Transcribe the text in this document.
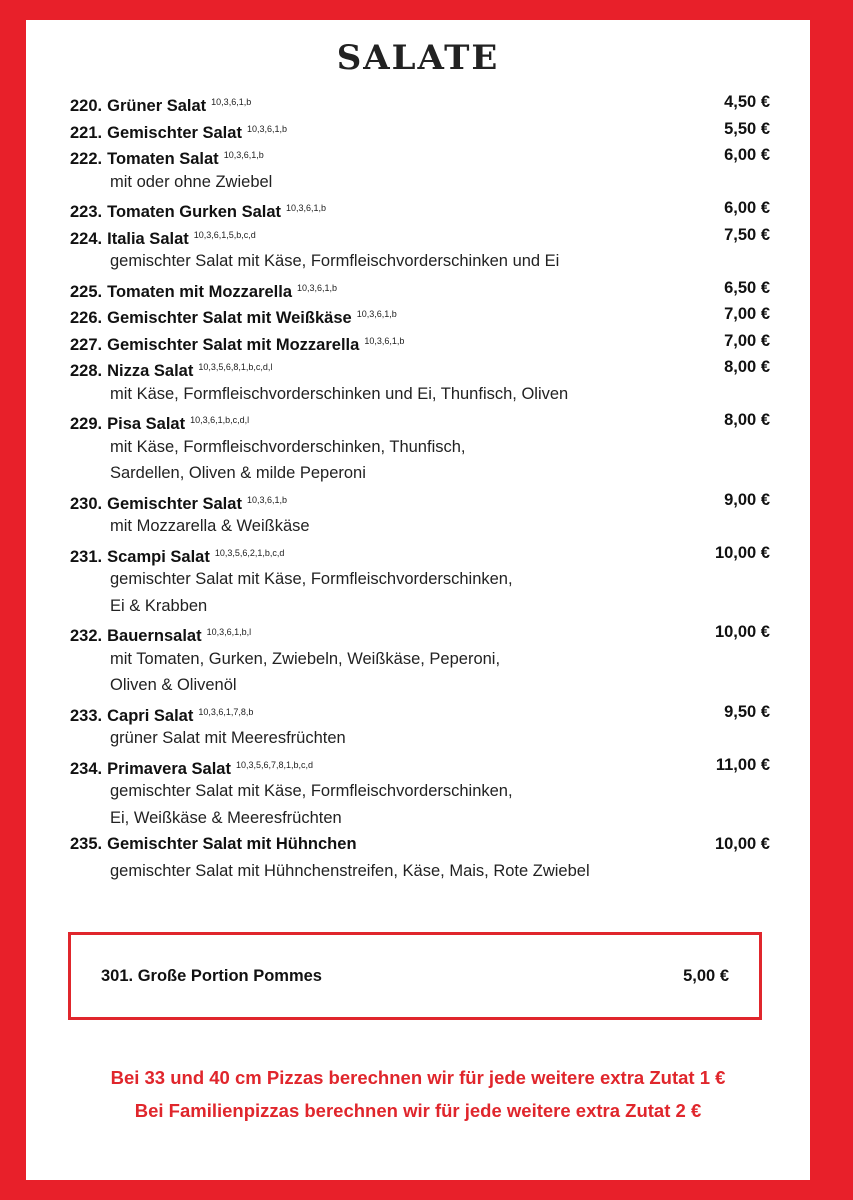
SALATE
220. Grüner Salat $^{10,3,6,1,b}$	4,50 €
221. Gemischter Salat $^{10,3,6,1,b}$	5,50 €
222. Tomaten Salat $^{10,3,6,1,b}$	6,00 €
mit oder ohne Zwiebel
223. Tomaten Gurken Salat $^{10,3,6,1,b}$	6,00 €
224. Italia Salat $^{10,3,6,1,5,b,c,d}$	7,50 €
gemischter Salat mit Käse, Formfleischvorderschinken und Ei
225. Tomaten mit Mozzarella $^{10,3,6,1,b}$	6,50 €
226. Gemischter Salat mit Weißkäse $^{10,3,6,1,b}$	7,00 €
227. Gemischter Salat mit Mozzarella $^{10,3,6,1,b}$	7,00 €
228. Nizza Salat $^{10,3,5,6,8,1,b,c,d,l}$	8,00 €
mit Käse, Formfleischvorderschinken und Ei, Thunfisch, Oliven
229. Pisa Salat $^{10,3,6,1,b,c,d,l}$	8,00 €
mit Käse, Formfleischvorderschinken, Thunfisch,
Sardellen, Oliven & milde Peperoni
230. Gemischter Salat $^{10,3,6,1,b}$	9,00 €
mit Mozzarella & Weißkäse
231. Scampi Salat $^{10,3,5,6,2,1,b,c,d}$	10,00 €
gemischter Salat mit Käse, Formfleischvorderschinken,
Ei & Krabben
232. Bauernsalat $^{10,3,6,1,b,l}$	10,00 €
mit Tomaten, Gurken, Zwiebeln, Weißkäse, Peperoni,
Oliven & Olivenöl
233. Capri Salat $^{10,3,6,1,7,8,b}$	9,50 €
grüner Salat mit Meeresfrüchten
234. Primavera Salat $^{10,3,5,6,7,8,1,b,c,d}$	11,00 €
gemischter Salat mit Käse, Formfleischvorderschinken,
Ei, Weißkäse & Meeresfrüchten
235. Gemischter Salat mit Hühnchen	10,00 €
gemischter Salat mit Hühnchenstreifen, Käse, Mais, Rote Zwiebel
301. Große Portion Pommes	5,00 €
Bei 33 und 40 cm Pizzas berechnen wir für jede weitere extra Zutat 1 €
Bei Familienpizzas berechnen wir für jede weitere extra Zutat 2 €
